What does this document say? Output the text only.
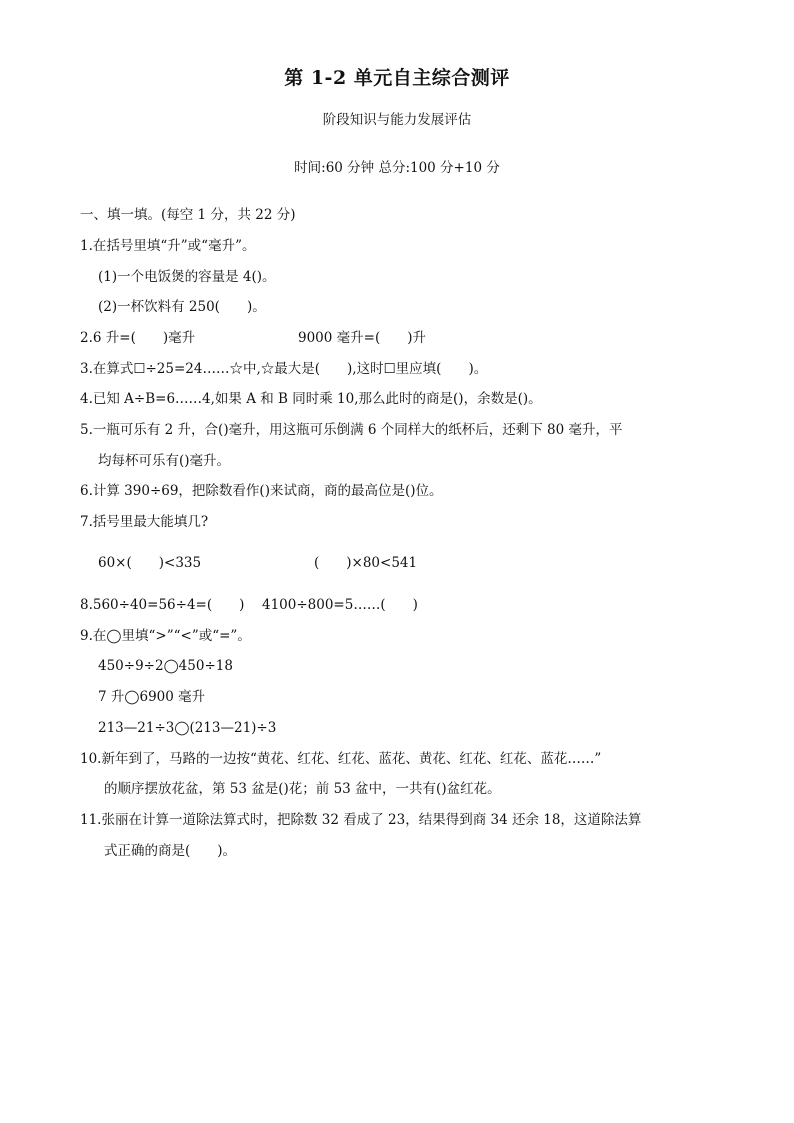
第 1-2 单元自主综合测评
阶段知识与能力发展评估
时间:60 分钟 总分:100 分+10 分
一、填一填。(每空 1 分，共 22 分)
1.在括号里填“升”或“毫升”。
(1)一个电饭煲的容量是 4()。
(2)一杯饮料有 250(　　)。
2.6 升=(　　)毫升	9000 毫升=(　　)升
3.在算式☐÷25=24……☆中,☆最大是(　　),这时☐里应填(　　)。
4.已知 A÷B=6……4,如果 A 和 B 同时乘 10,那么此时的商是()，余数是()。
5.一瓶可乐有 2 升，合()毫升，用这瓶可乐倒满 6 个同样大的纸杯后，还剩下 80 毫升，平
均每杯可乐有()毫升。
6.计算 390÷69，把除数看作()来试商，商的最高位是()位。
7.括号里最大能填几?
60×(　　)<335	(　　)×80<541
8.560÷40=56÷4=(　　) 4100÷800=5……(　　)
9.在◯里填“>”“<”或“=”。
450÷9÷2◯450÷18
7 升◯6900 毫升
213—21÷3◯(213—21)÷3
10.新年到了，马路的一边按“黄花、红花、红花、蓝花、黄花、红花、红花、蓝花……”
的顺序摆放花盆，第 53 盆是()花；前 53 盆中，一共有()盆红花。
11.张丽在计算一道除法算式时，把除数 32 看成了 23，结果得到商 34 还余 18，这道除法算
式正确的商是(　　)。
